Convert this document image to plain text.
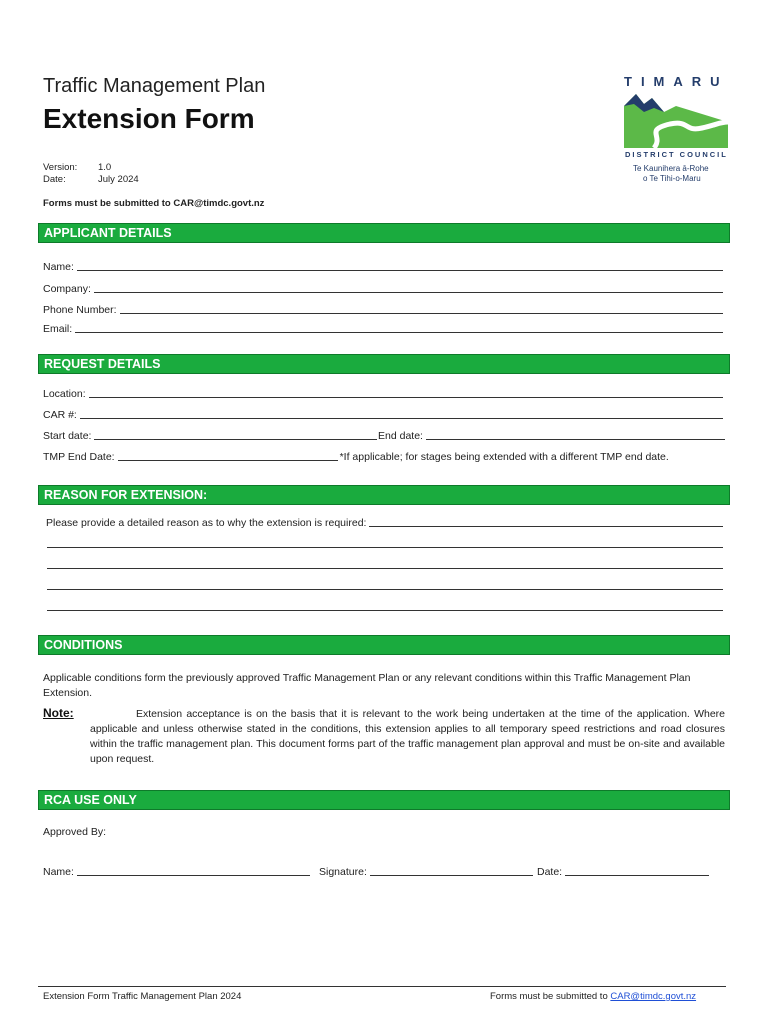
Traffic Management Plan
Extension Form
Version: 1.0
Date:	July 2024
Forms must be submitted to CAR@timdc.govt.nz
TIMARU
DISTRICT COUNCIL
Te Kaunihera ā-Rohe
o Te Tihi-o-Maru
APPLICANT DETAILS
Name:
Company:
Phone Number:
Email:
REQUEST DETAILS
Location:
CAR #:
Start date:	End date:
TMP End Date:	*If applicable; for stages being extended with a different TMP end date.
REASON FOR EXTENSION:
Please provide a detailed reason as to why the extension is required:
CONDITIONS
Applicable conditions form the previously approved Traffic Management Plan or any relevant conditions within this Traffic Management Plan Extension.
Note:	Extension acceptance is on the basis that it is relevant to the work being undertaken at the time of the application. Where applicable and unless otherwise stated in the conditions, this extension applies to all temporary speed restrictions and road closures within the traffic management plan. This document forms part of the traffic management plan approval and must be on-site and available upon request.
RCA USE ONLY
Approved By:
Name:	Signature:	Date:
Extension Form Traffic Management Plan 2024	Forms must be submitted to CAR@timdc.govt.nz
